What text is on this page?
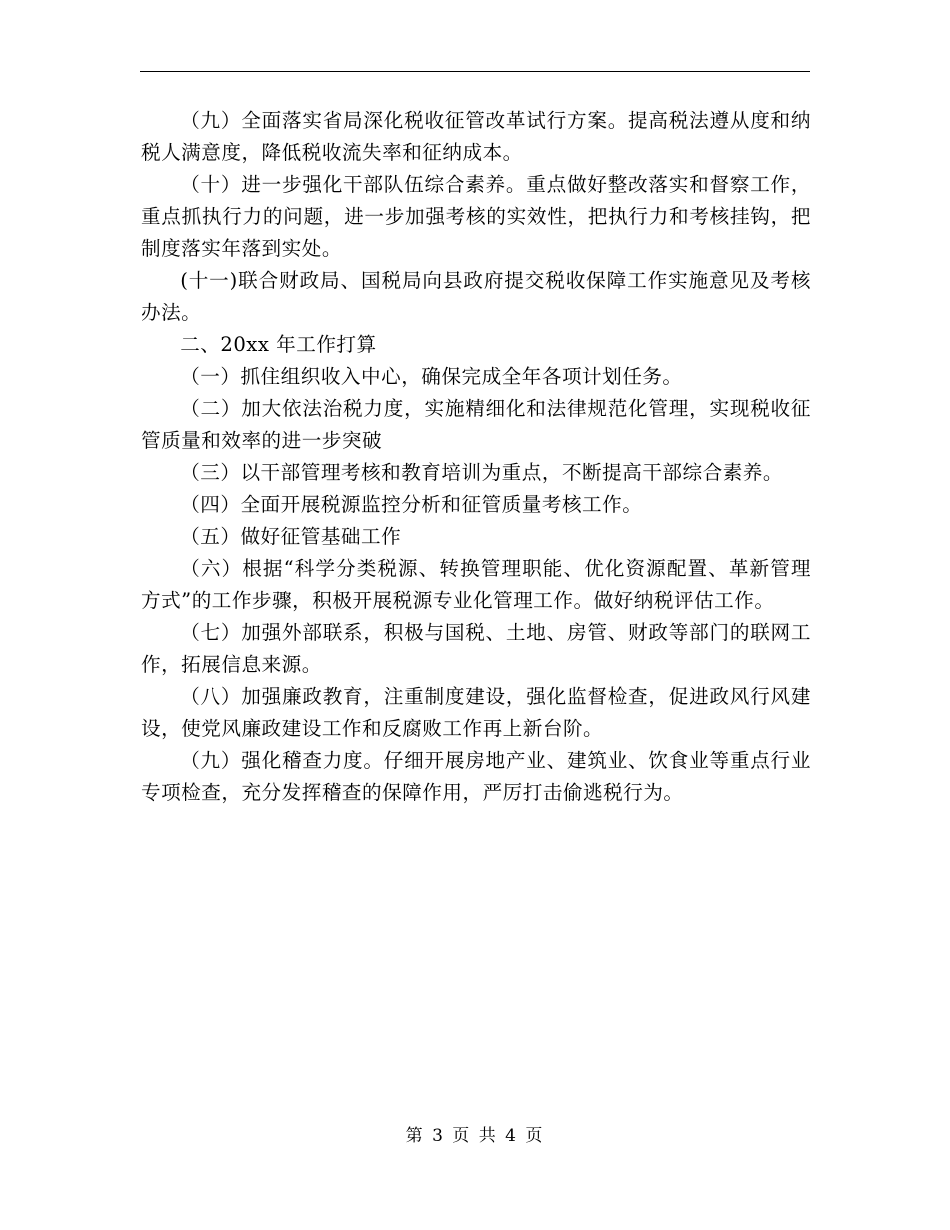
（九）全面落实省局深化税收征管改革试行方案。提高税法遵从度和纳税人满意度，降低税收流失率和征纳成本。

（十）进一步强化干部队伍综合素养。重点做好整改落实和督察工作，重点抓执行力的问题，进一步加强考核的实效性，把执行力和考核挂钩，把制度落实年落到实处。

(十一)联合财政局、国税局向县政府提交税收保障工作实施意见及考核办法。

二、20xx 年工作打算

（一）抓住组织收入中心，确保完成全年各项计划任务。

（二）加大依法治税力度，实施精细化和法律规范化管理，实现税收征管质量和效率的进一步突破

（三）以干部管理考核和教育培训为重点，不断提高干部综合素养。

（四）全面开展税源监控分析和征管质量考核工作。

（五）做好征管基础工作

（六）根据“科学分类税源、转换管理职能、优化资源配置、革新管理方式”的工作步骤，积极开展税源专业化管理工作。做好纳税评估工作。

（七）加强外部联系，积极与国税、土地、房管、财政等部门的联网工作，拓展信息来源。

（八）加强廉政教育，注重制度建设，强化监督检查，促进政风行风建设，使党风廉政建设工作和反腐败工作再上新台阶。

（九）强化稽查力度。仔细开展房地产业、建筑业、饮食业等重点行业专项检查，充分发挥稽查的保障作用，严厉打击偷逃税行为。

第 3 页 共 4 页
